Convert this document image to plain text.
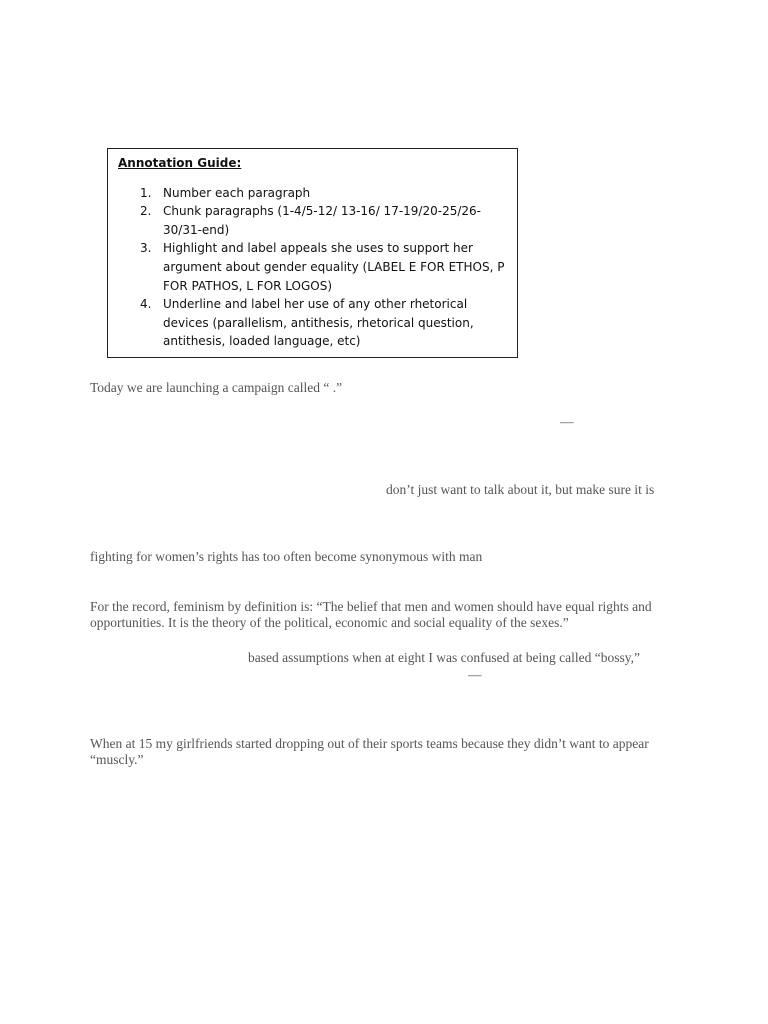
Annotation Guide:
1. Number each paragraph
2. Chunk paragraphs (1-4/5-12/ 13-16/ 17-19/20-25/26-30/31-end)
3. Highlight and label appeals she uses to support her argument about gender equality (LABEL E FOR ETHOS, P FOR PATHOS, L FOR LOGOS)
4. Underline and label her use of any other rhetorical devices (parallelism, antithesis, rhetorical question, antithesis, loaded language, etc)
Today we are launching a campaign called “ .”
—
don’t just want to talk about it, but make sure it is
fighting for women’s rights has too often become synonymous with man
For the record, feminism by definition is: “The belief that men and women should have equal rights and
opportunities. It is the theory of the political, economic and social equality of the sexes.”
based assumptions when at eight I was confused at being called “bossy,”
—
When at 15 my girlfriends started dropping out of their sports teams because they didn’t want to appear
“muscly.”
